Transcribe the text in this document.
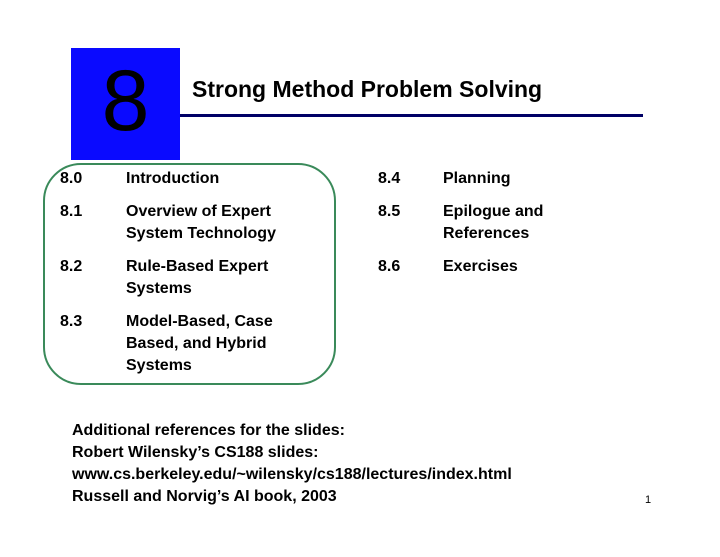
8 Strong Method Problem Solving
8.0	Introduction
8.1	Overview of Expert
System Technology
8.2	Rule-Based Expert
Systems
8.3	Model-Based, Case
Based, and Hybrid
Systems
8.4	Planning
8.5	Epilogue and
References
8.6	Exercises
Additional references for the slides:
Robert Wilensky’s CS188 slides:
www.cs.berkeley.edu/~wilensky/cs188/lectures/index.html
Russell and Norvig’s AI book, 2003	1
